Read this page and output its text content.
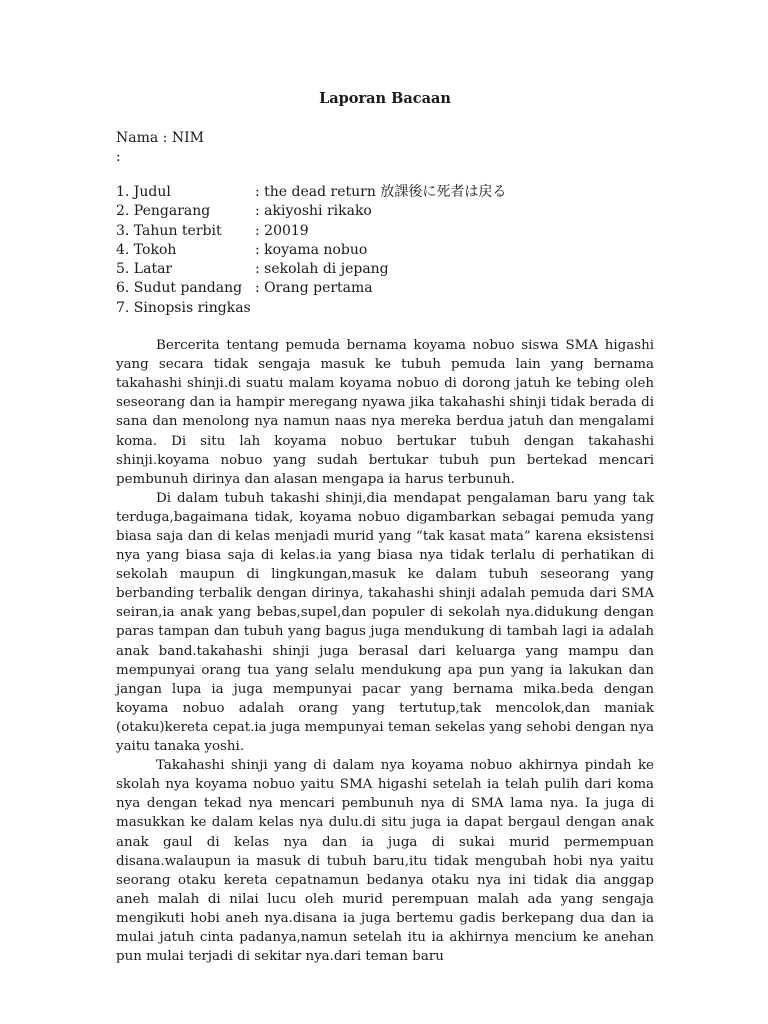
Laporan Bacaan
Nama : NIM
:
1. Judul	: the dead return 放課後に死者は戻る
2. Pengarang	: akiyoshi rikako
3. Tahun terbit	: 20019
4. Tokoh	: koyama nobuo
5. Latar	: sekolah di jepang
6. Sudut pandang : Orang pertama
7. Sinopsis ringkas

Bercerita tentang pemuda bernama koyama nobuo siswa SMA higashi yang secara tidak sengaja masuk ke tubuh pemuda lain yang bernama takahashi shinji.di suatu malam koyama nobuo di dorong jatuh ke tebing oleh seseorang dan ia hampir meregang nyawa jika takahashi shinji tidak berada di sana dan menolong nya namun naas nya mereka berdua jatuh dan mengalami koma. Di situ lah koyama nobuo bertukar tubuh dengan takahashi shinji.koyama nobuo yang sudah bertukar tubuh pun bertekad mencari pembunuh dirinya dan alasan mengapa ia harus terbunuh.

Di dalam tubuh takashi shinji,dia mendapat pengalaman baru yang tak terduga,bagaimana tidak, koyama nobuo digambarkan sebagai pemuda yang biasa saja dan di kelas menjadi murid yang “tak kasat mata” karena eksistensi nya yang biasa saja di kelas.ia yang biasa nya tidak terlalu di perhatikan di sekolah maupun di lingkungan,masuk ke dalam tubuh seseorang yang berbanding terbalik dengan dirinya, takahashi shinji adalah pemuda dari SMA seiran,ia anak yang bebas,supel,dan populer di sekolah nya.didukung dengan paras tampan dan tubuh yang bagus juga mendukung di tambah lagi ia adalah anak band.takahashi shinji juga berasal dari keluarga yang mampu dan mempunyai orang tua yang selalu mendukung apa pun yang ia lakukan dan jangan lupa ia juga mempunyai pacar yang bernama mika.beda dengan koyama nobuo adalah orang yang tertutup,tak mencolok,dan maniak (otaku)kereta cepat.ia juga mempunyai teman sekelas yang sehobi dengan nya yaitu tanaka yoshi.

Takahashi shinji yang di dalam nya koyama nobuo akhirnya pindah ke skolah nya koyama nobuo yaitu SMA higashi setelah ia telah pulih dari koma nya dengan tekad nya mencari pembunuh nya di SMA lama nya. Ia juga di masukkan ke dalam kelas nya dulu.di situ juga ia dapat bergaul dengan anak anak gaul di kelas nya dan ia juga di sukai murid permempuan disana.walaupun ia masuk di tubuh baru,itu tidak mengubah hobi nya yaitu seorang otaku kereta cepatnamun bedanya otaku nya ini tidak dia anggap aneh malah di nilai lucu oleh murid perempuan malah ada yang sengaja mengikuti hobi aneh nya.disana ia juga bertemu gadis berkepang dua dan ia mulai jatuh cinta padanya,namun setelah itu ia akhirnya mencium ke anehan pun mulai terjadi di sekitar nya.dari teman baru
